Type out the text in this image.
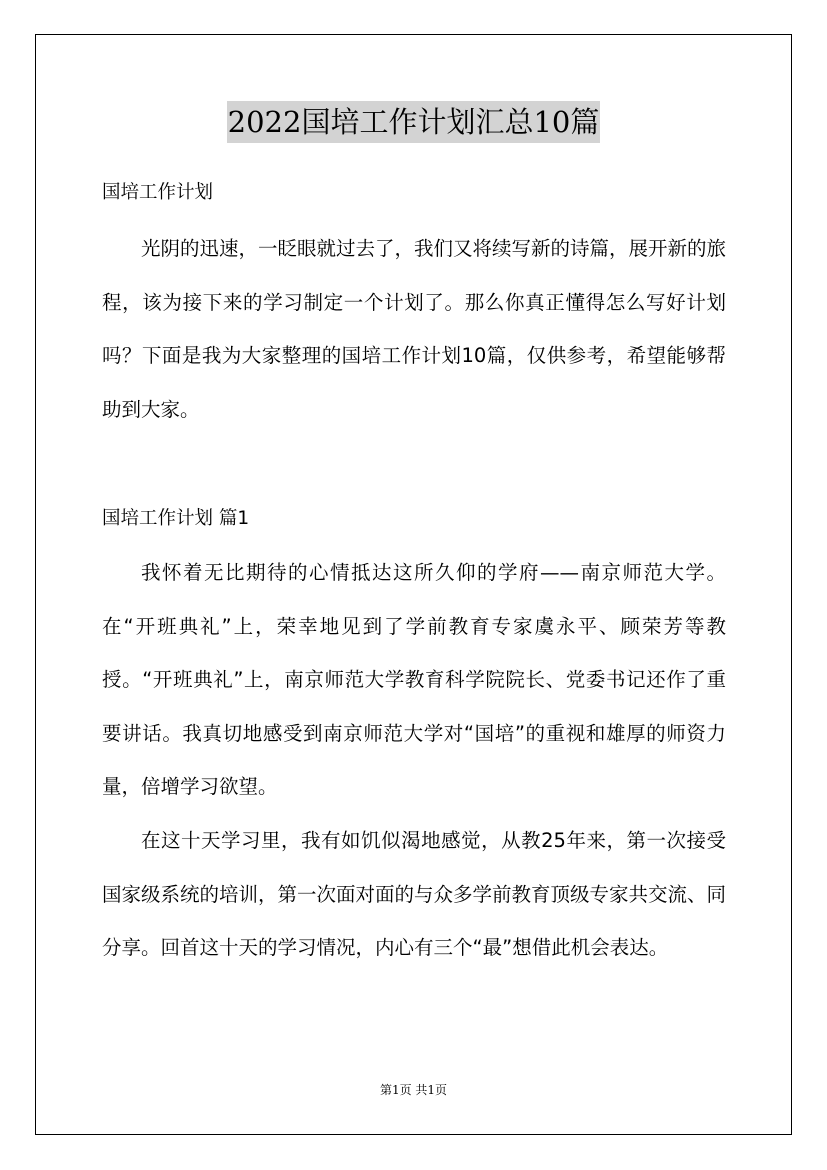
2022国培工作计划汇总10篇
国培工作计划

光阴的迅速，一眨眼就过去了，我们又将续写新的诗篇，展开新的旅程，该为接下来的学习制定一个计划了。那么你真正懂得怎么写好计划吗？下面是我为大家整理的国培工作计划10篇，仅供参考，希望能够帮助到大家。

国培工作计划 篇1

我怀着无比期待的心情抵达这所久仰的学府——南京师范大学。在“开班典礼”上，荣幸地见到了学前教育专家虞永平、顾荣芳等教授。“开班典礼”上，南京师范大学教育科学院院长、党委书记还作了重要讲话。我真切地感受到南京师范大学对“国培”的重视和雄厚的师资力量，倍增学习欲望。

在这十天学习里，我有如饥似渴地感觉，从教25年来，第一次接受国家级系统的培训，第一次面对面的与众多学前教育顶级专家共交流、同分享。回首这十天的学习情况，内心有三个“最”想借此机会表达。

第1页 共1页
